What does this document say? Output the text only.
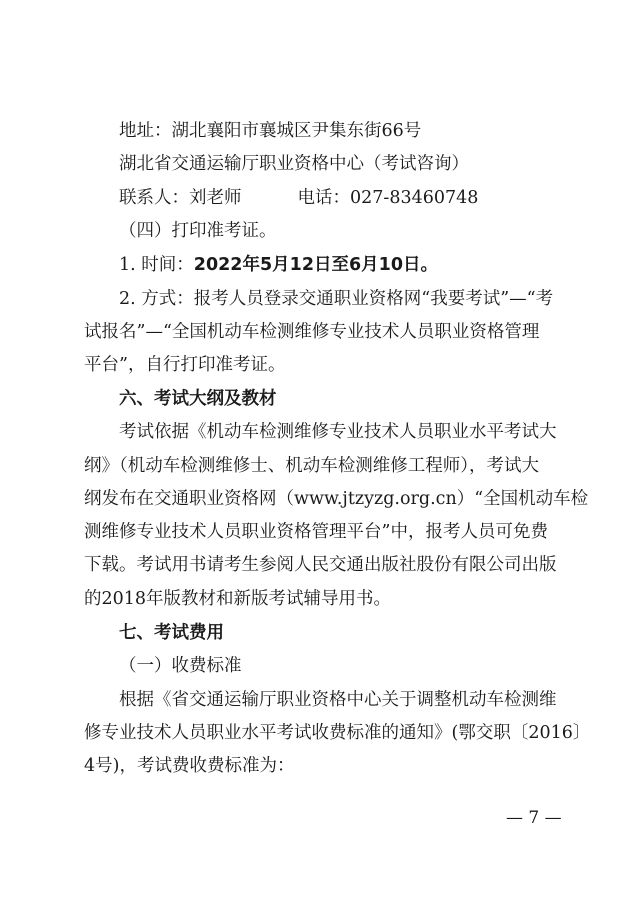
地址：湖北襄阳市襄城区尹集东街66号
湖北省交通运输厅职业资格中心（考试咨询）
联系人：刘老师	电话：027-83460748
（四）打印准考证。
1. 时间：2022年5月12日至6月10日。
2. 方式：报考人员登录交通职业资格网“我要考试”—“考
试报名”—“全国机动车检测维修专业技术人员职业资格管理
平台”，自行打印准考证。
六、考试大纲及教材
考试依据《机动车检测维修专业技术人员职业水平考试大
纲》（机动车检测维修士、机动车检测维修工程师），考试大
纲发布在交通职业资格网（www.jtzyzg.org.cn）“全国机动车检
测维修专业技术人员职业资格管理平台”中，报考人员可免费
下载。考试用书请考生参阅人民交通出版社股份有限公司出版
的2018年版教材和新版考试辅导用书。
七、考试费用
（一）收费标准
根据《省交通运输厅职业资格中心关于调整机动车检测维
修专业技术人员职业水平考试收费标准的通知》(鄂交职〔2016〕
4号)，考试费收费标准为：
— 7 —
